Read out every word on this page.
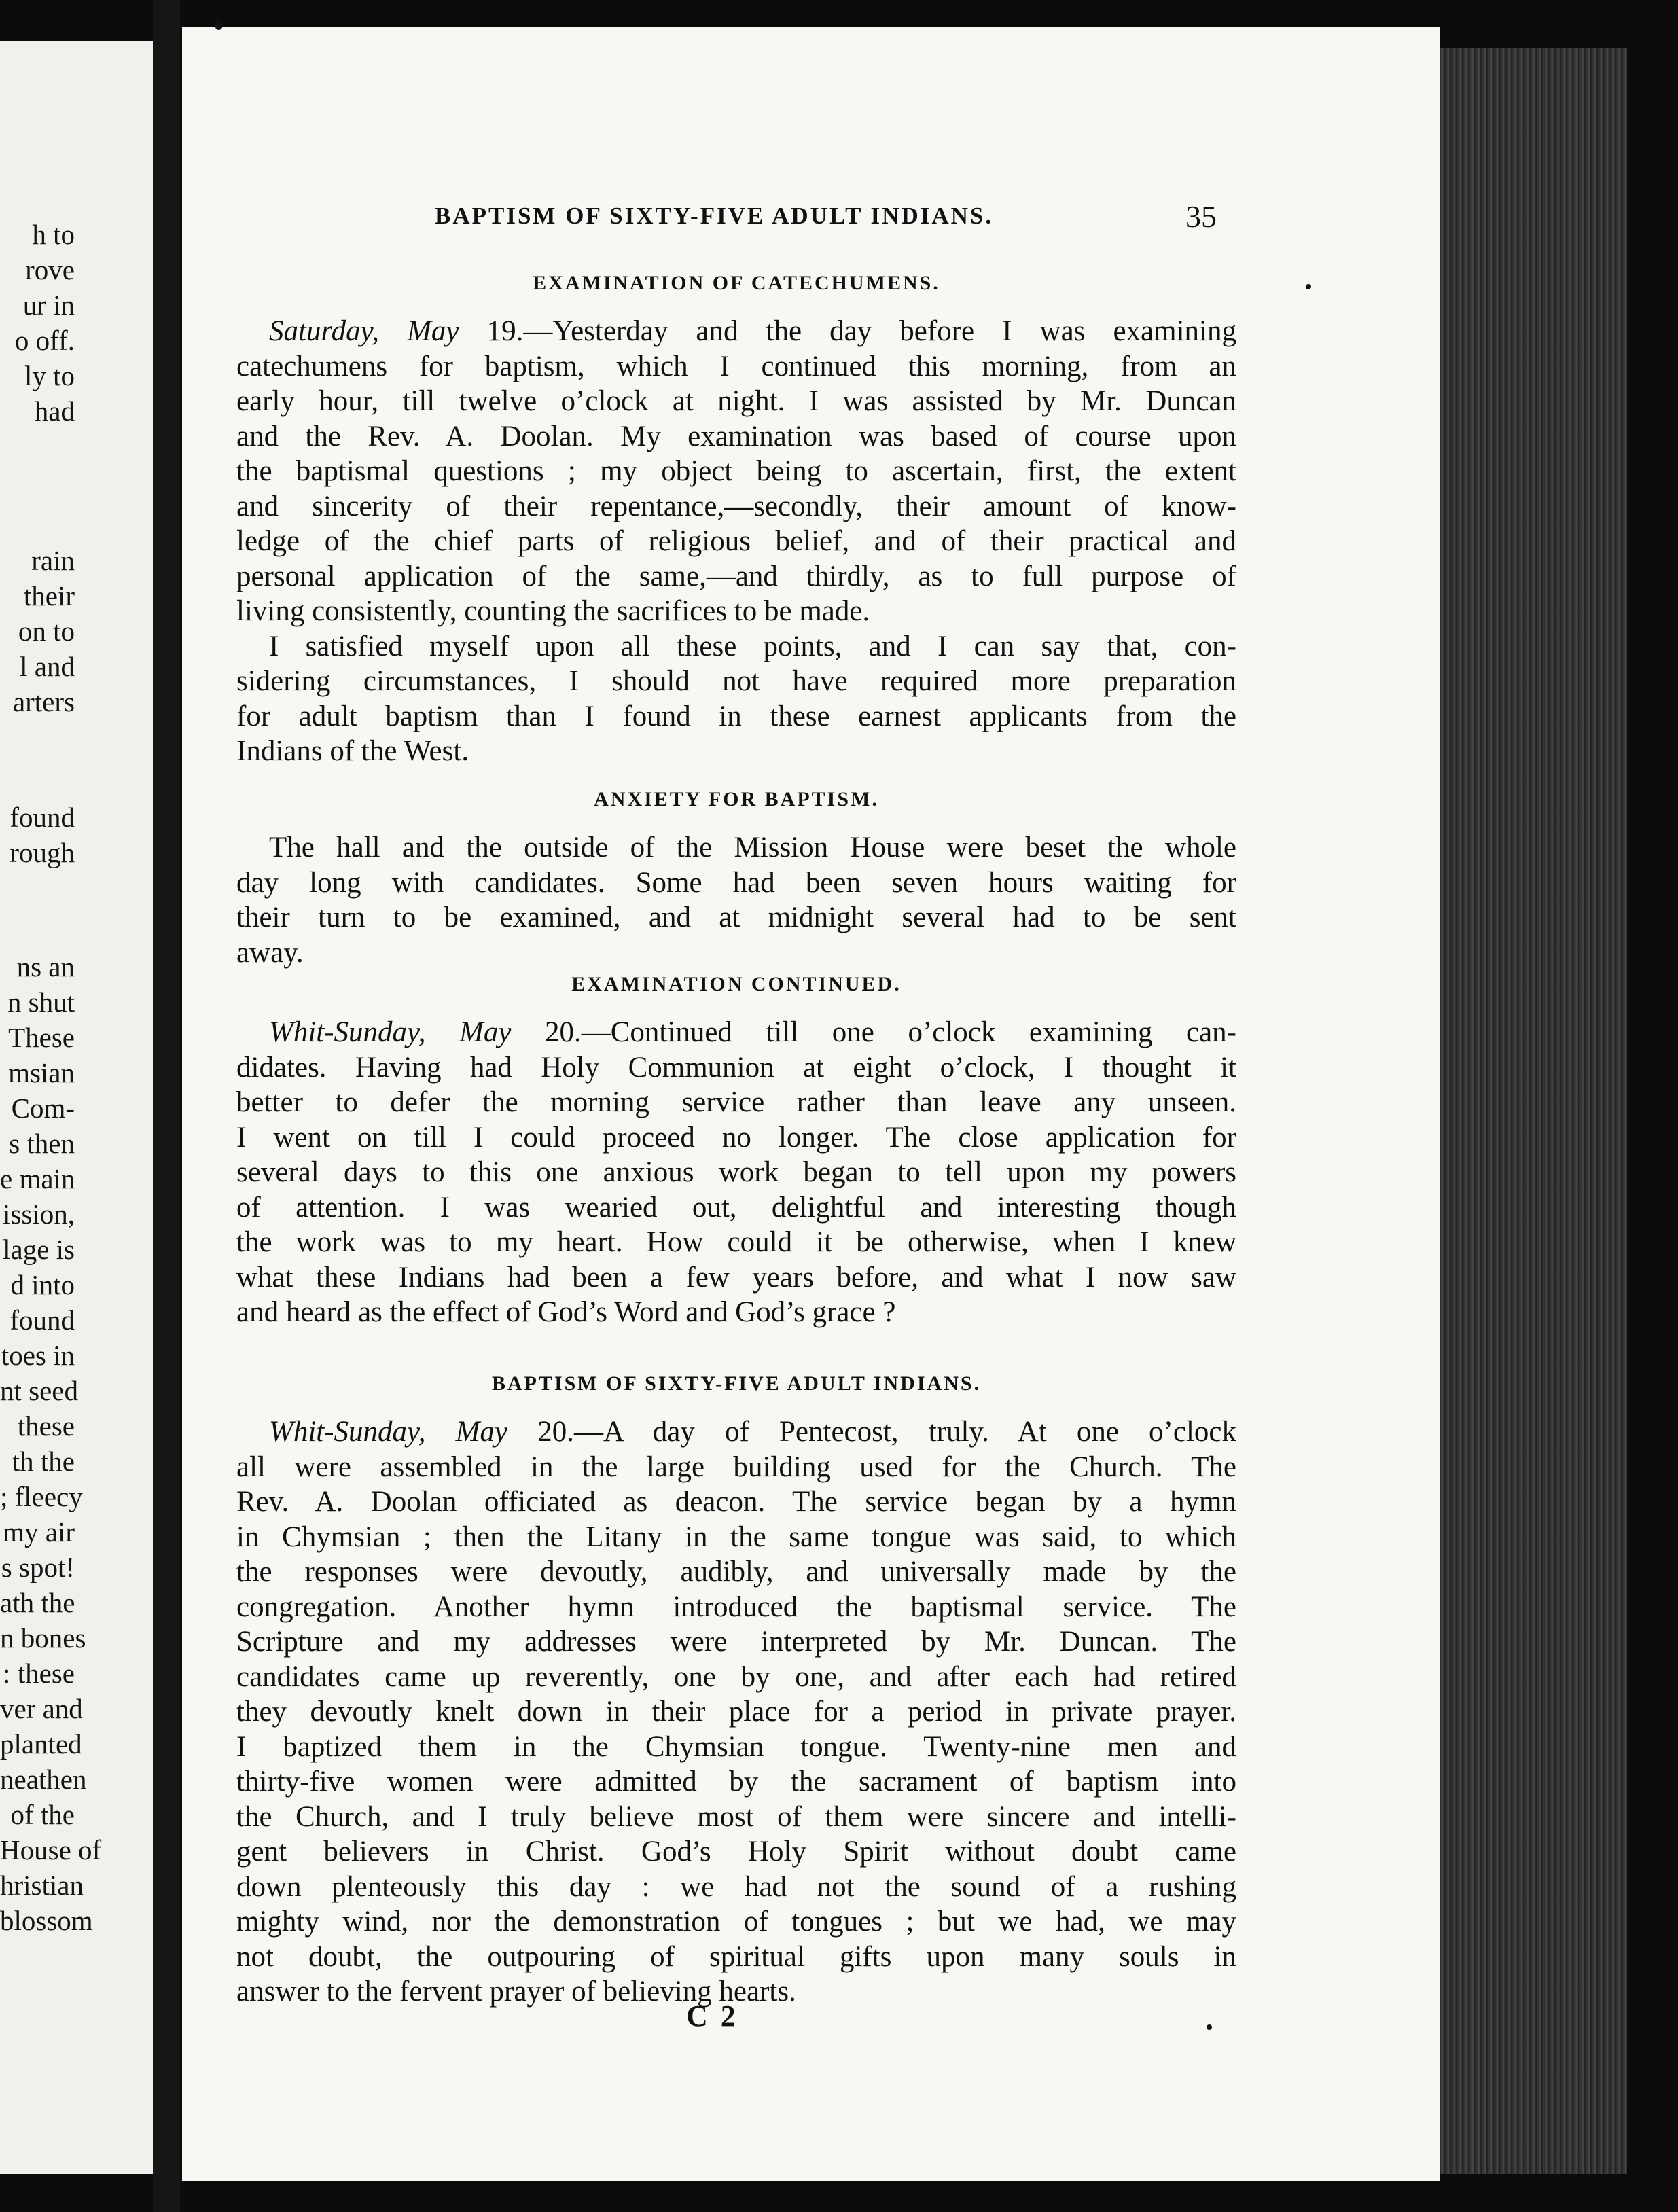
h to
rove
ur in
o off.
ly to
had
rain
their
on to
l and
arters
found
rough
ns an
n shut
These
msian
Com-
s then
e main
ission,
lage is
d into
found
toes in
nt seed
these
th the
; fleecy
my air
s spot!
ath the
n bones
: these
ver and
planted
neathen
of the
House of
hristian
blossom
BAPTISM OF SIXTY-FIVE ADULT INDIANS.	35
EXAMINATION OF CATECHUMENS.
Saturday, May 19.—Yesterday and the day before I was examining
catechumens for baptism, which I continued this morning, from an
early hour, till twelve o’clock at night. I was assisted by Mr. Duncan
and the Rev. A. Doolan. My examination was based of course upon
the baptismal questions ; my object being to ascertain, first, the extent
and sincerity of their repentance,—secondly, their amount of know-
ledge of the chief parts of religious belief, and of their practical and
personal application of the same,—and thirdly, as to full purpose of
living consistently, counting the sacrifices to be made.
I satisfied myself upon all these points, and I can say that, con-
sidering circumstances, I should not have required more preparation
for adult baptism than I found in these earnest applicants from the
Indians of the West.
ANXIETY FOR BAPTISM.
The hall and the outside of the Mission House were beset the whole
day long with candidates. Some had been seven hours waiting for
their turn to be examined, and at midnight several had to be sent
away.
EXAMINATION CONTINUED.
Whit-Sunday, May 20.—Continued till one o’clock examining can-
didates. Having had Holy Communion at eight o’clock, I thought it
better to defer the morning service rather than leave any unseen.
I went on till I could proceed no longer. The close application for
several days to this one anxious work began to tell upon my powers
of attention. I was wearied out, delightful and interesting though
the work was to my heart. How could it be otherwise, when I knew
what these Indians had been a few years before, and what I now saw
and heard as the effect of God’s Word and God’s grace ?
BAPTISM OF SIXTY-FIVE ADULT INDIANS.
Whit-Sunday, May 20.—A day of Pentecost, truly. At one o’clock
all were assembled in the large building used for the Church. The
Rev. A. Doolan officiated as deacon. The service began by a hymn
in Chymsian ; then the Litany in the same tongue was said, to which
the responses were devoutly, audibly, and universally made by the
congregation. Another hymn introduced the baptismal service. The
Scripture and my addresses were interpreted by Mr. Duncan. The
candidates came up reverently, one by one, and after each had retired
they devoutly knelt down in their place for a period in private prayer.
I baptized them in the Chymsian tongue. Twenty-nine men and
thirty-five women were admitted by the sacrament of baptism into
the Church, and I truly believe most of them were sincere and intelli-
gent believers in Christ. God’s Holy Spirit without doubt came
down plenteously this day : we had not the sound of a rushing
mighty wind, nor the demonstration of tongues ; but we had, we may
not doubt, the outpouring of spiritual gifts upon many souls in
answer to the fervent prayer of believing hearts.
C 2
